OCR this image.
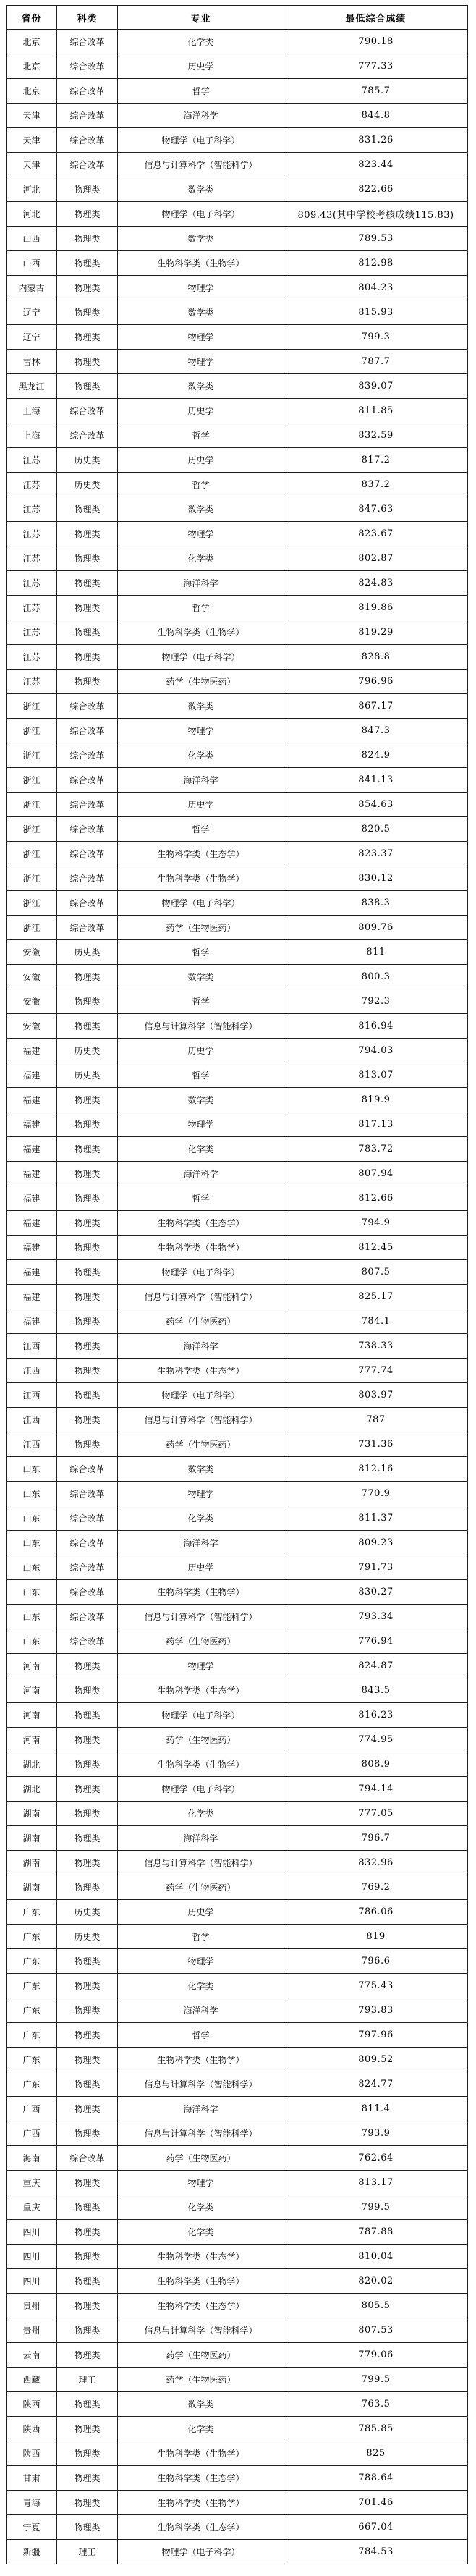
省份	科类	专业	最低综合成绩
北京	综合改革	化学类	790.18
北京	综合改革	历史学	777.33
北京	综合改革	哲学	785.7
天津	综合改革	海洋科学	844.8
天津	综合改革	物理学（电子科学）	831.26
天津	综合改革	信息与计算科学（智能科学）	823.44
河北	物理类	数学类	822.66
河北	物理类	物理学（电子科学）	809.43(其中学校考核成绩115.83)
山西	物理类	数学类	789.53
山西	物理类	生物科学类（生物学）	812.98
内蒙古	物理类	物理学	804.23
辽宁	物理类	数学类	815.93
辽宁	物理类	物理学	799.3
吉林	物理类	物理学	787.7
黑龙江	物理类	数学类	839.07
上海	综合改革	历史学	811.85
上海	综合改革	哲学	832.59
江苏	历史类	历史学	817.2
江苏	历史类	哲学	837.2
江苏	物理类	数学类	847.63
江苏	物理类	物理学	823.67
江苏	物理类	化学类	802.87
江苏	物理类	海洋科学	824.83
江苏	物理类	哲学	819.86
江苏	物理类	生物科学类（生物学）	819.29
江苏	物理类	物理学（电子科学）	828.8
江苏	物理类	药学（生物医药）	796.96
浙江	综合改革	数学类	867.17
浙江	综合改革	物理学	847.3
浙江	综合改革	化学类	824.9
浙江	综合改革	海洋科学	841.13
浙江	综合改革	历史学	854.63
浙江	综合改革	哲学	820.5
浙江	综合改革	生物科学类（生态学）	823.37
浙江	综合改革	生物科学类（生物学）	830.12
浙江	综合改革	物理学（电子科学）	838.3
浙江	综合改革	药学（生物医药）	809.76
安徽	历史类	哲学	811
安徽	物理类	数学类	800.3
安徽	物理类	哲学	792.3
安徽	物理类	信息与计算科学（智能科学）	816.94
福建	历史类	历史学	794.03
福建	历史类	哲学	813.07
福建	物理类	数学类	819.9
福建	物理类	物理学	817.13
福建	物理类	化学类	783.72
福建	物理类	海洋科学	807.94
福建	物理类	哲学	812.66
福建	物理类	生物科学类（生态学）	794.9
福建	物理类	生物科学类（生物学）	812.45
福建	物理类	物理学（电子科学）	807.5
福建	物理类	信息与计算科学（智能科学）	825.17
福建	物理类	药学（生物医药）	784.1
江西	物理类	海洋科学	738.33
江西	物理类	生物科学类（生态学）	777.74
江西	物理类	物理学（电子科学）	803.97
江西	物理类	信息与计算科学（智能科学）	787
江西	物理类	药学（生物医药）	731.36
山东	综合改革	数学类	812.16
山东	综合改革	物理学	770.9
山东	综合改革	化学类	811.37
山东	综合改革	海洋科学	809.23
山东	综合改革	历史学	791.73
山东	综合改革	生物科学类（生物学）	830.27
山东	综合改革	信息与计算科学（智能科学）	793.34
山东	综合改革	药学（生物医药）	776.94
河南	物理类	物理学	824.87
河南	物理类	生物科学类（生态学）	843.5
河南	物理类	物理学（电子科学）	816.23
河南	物理类	药学（生物医药）	774.95
湖北	物理类	生物科学类（生物学）	808.9
湖北	物理类	物理学（电子科学）	794.14
湖南	物理类	化学类	777.05
湖南	物理类	海洋科学	796.7
湖南	物理类	信息与计算科学（智能科学）	832.96
湖南	物理类	药学（生物医药）	769.2
广东	历史类	历史学	786.06
广东	历史类	哲学	819
广东	物理类	物理学	796.6
广东	物理类	化学类	775.43
广东	物理类	海洋科学	793.83
广东	物理类	哲学	797.96
广东	物理类	生物科学类（生物学）	809.52
广东	物理类	信息与计算科学（智能科学）	824.77
广西	物理类	海洋科学	811.4
广西	物理类	信息与计算科学（智能科学）	793.9
海南	综合改革	药学（生物医药）	762.64
重庆	物理类	物理学	813.17
重庆	物理类	化学类	799.5
四川	物理类	化学类	787.88
四川	物理类	生物科学类（生态学）	810.04
四川	物理类	生物科学类（生物学）	820.02
贵州	物理类	生物科学类（生态学）	805.5
贵州	物理类	信息与计算科学（智能科学）	807.53
云南	物理类	药学（生物医药）	779.06
西藏	理工	药学（生物医药）	799.5
陕西	物理类	数学类	763.5
陕西	物理类	化学类	785.85
陕西	物理类	生物科学类（生物学）	825
甘肃	物理类	生物科学类（生态学）	788.64
青海	物理类	生物科学类（生物学）	701.46
宁夏	物理类	生物科学类（生态学）	667.04
新疆	理工	物理学（电子科学）	784.53
